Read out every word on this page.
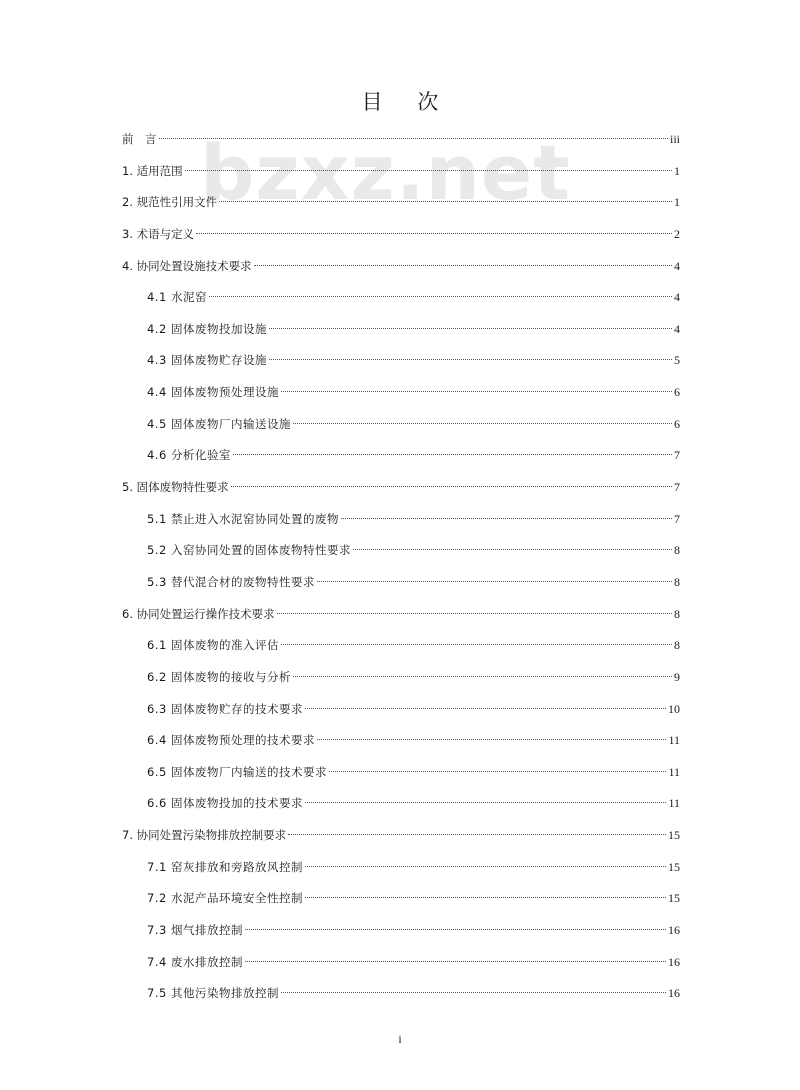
bzxz.net
目 次
前　言	iii
1. 适用范围	1
2. 规范性引用文件	1
3. 术语与定义	2
4. 协同处置设施技术要求	4
4.1 水泥窑	4
4.2 固体废物投加设施	4
4.3 固体废物贮存设施	5
4.4 固体废物预处理设施	6
4.5 固体废物厂内输送设施	6
4.6 分析化验室	7
5. 固体废物特性要求	7
5.1 禁止进入水泥窑协同处置的废物	7
5.2 入窑协同处置的固体废物特性要求	8
5.3 替代混合材的废物特性要求	8
6. 协同处置运行操作技术要求	8
6.1 固体废物的准入评估	8
6.2 固体废物的接收与分析	9
6.3 固体废物贮存的技术要求	10
6.4 固体废物预处理的技术要求	11
6.5 固体废物厂内输送的技术要求	11
6.6 固体废物投加的技术要求	11
7. 协同处置污染物排放控制要求	15
7.1 窑灰排放和旁路放风控制	15
7.2 水泥产品环境安全性控制	15
7.3 烟气排放控制	16
7.4 废水排放控制	16
7.5 其他污染物排放控制	16
i
